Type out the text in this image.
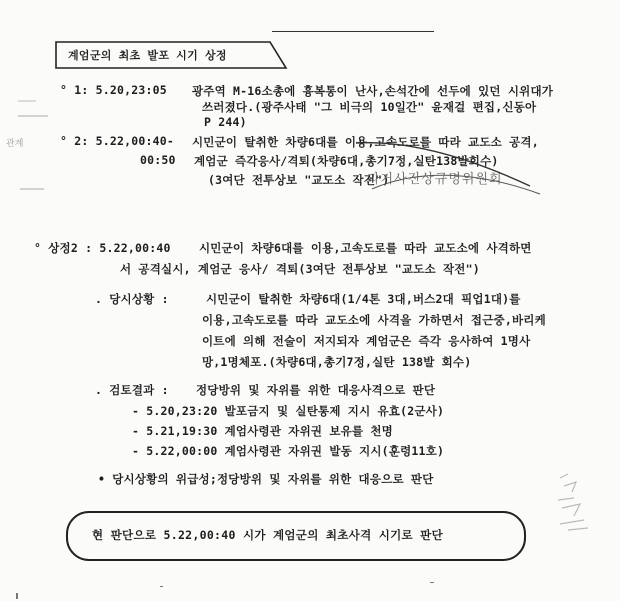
계엄군의 최초 발포 시기 상정
° 1: 5.20,23:05 광주역 M-16소총에 흉복통이 난사,손석간에 선두에 있던 시위대가
쓰러졌다.(광주사태 "그 비극의 10일간" 윤재걸 편집,신동아
P 244)
관계	° 2: 5.22,00:40- 시민군이 탈취한 차량6대를 이용,고속도로를 따라 교도소 공격,
00:50 계엄군 즉각응사/격퇴(차량6대,총기7정,실탄138발회수)
(3여단 전투상보 "교도소 작전")
과거사진상규명위원회
° 상정2 : 5.22,00:40 시민군이 차량6대를 이용,고속도로를 따라 교도소에 사격하면
서 공격실시, 계엄군 응사/ 격퇴(3여단 전투상보 "교도소 작전")
. 당시상황 :	시민군이 탈취한 차량6대(1/4톤 3대,버스2대 픽업1대)를
이용,고속도로를 따라 교도소에 사격을 가하면서 접근중,바리케
이트에 의해 전술이 저지되자 계엄군은 즉각 응사하여 1명사
망,1명체포.(차량6대,총기7정,실탄 138발 회수)
. 검토결과 : 정당방위 및 자위를 위한 대응사격으로 판단
- 5.20,23:20 발포금지 및 실탄통제 지시 유효(2군사)
- 5.21,19:30 계엄사령관 자위권 보유를 천명
- 5.22,00:00 계엄사령관 자위권 발동 지시(훈령11호)
• 당시상황의 위급성;정당방위 및 자위를 위한 대응으로 판단
현 판단으로 5.22,00:40 시가 계엄군의 최초사격 시기로 판단
